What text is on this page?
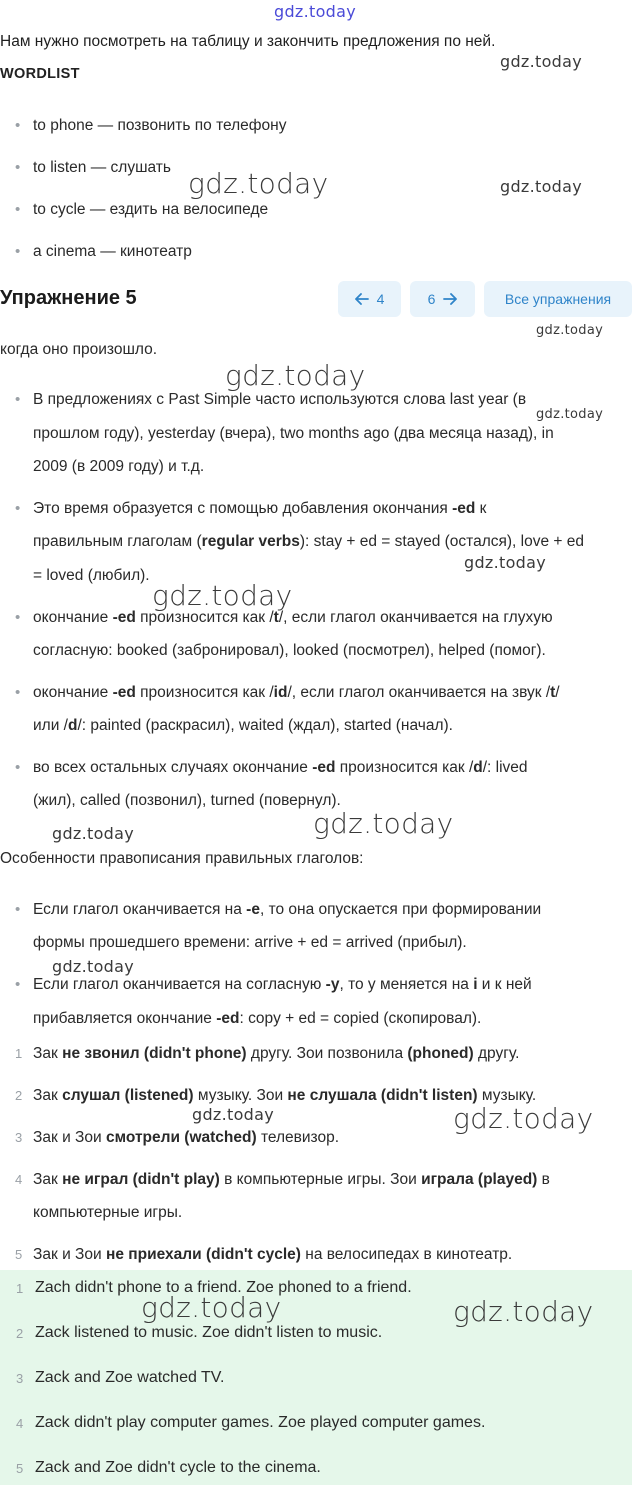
gdz.today
gdz.today
gdz.today	gdz.today
gdz.today
gdz.today
gdz.today
gdz.today
gdz.today
gdz.today
gdz.today
gdz.today
gdz.today	gdz.today
gdz.today	gdz.today
Нам нужно посмотреть на таблицу и закончить предложения по ней.
WORDLIST
• to phone — позвонить по телефону
• to listen — слушать
• to cycle — ездить на велосипеде
• a cinema — кинотеатр
Упражнение 5	4	6	Все упражнения
когда оно произошло.
• В предложениях с Past Simple часто используются слова last year (в
прошлом году), yesterday (вчера), two months ago (два месяца назад), in
2009 (в 2009 году) и т.д.
• Это время образуется с помощью добавления окончания -ed к
правильным глаголам (regular verbs): stay + ed = stayed (остался), love + ed
= loved (любил).
• окончание -ed произносится как /t/, если глагол оканчивается на глухую
согласную: booked (забронировал), looked (посмотрел), helped (помог).
• окончание -ed произносится как /id/, если глагол оканчивается на звук /t/
или /d/: painted (раскрасил), waited (ждал), started (начал).
• во всех остальных случаях окончание -ed произносится как /d/: lived
(жил), called (позвонил), turned (повернул).
Особенности правописания правильных глаголов:
• Если глагол оканчивается на -e, то она опускается при формировании
формы прошедшего времени: arrive + ed = arrived (прибыл).
• Если глагол оканчивается на согласную -y, то у меняется на i и к ней
прибавляется окончание -ed: copy + ed = copied (скопировал).
1 Зак не звонил (didn't phone) другу. Зои позвонила (phoned) другу.
2 Зак слушал (listened) музыку. Зои не слушала (didn't listen) музыку.
3 Зак и Зои смотрели (watched) телевизор.
4 Зак не играл (didn't play) в компьютерные игры. Зои играла (played) в
компьютерные игры.
5 Зак и Зои не приехали (didn't cycle) на велосипедах в кинотеатр.
1 Zach didn't phone to a friend. Zoe phoned to a friend.
2 Zack listened to music. Zoe didn't listen to music.
3 Zack and Zoe watched TV.
4 Zack didn't play computer games. Zoe played computer games.
5 Zack and Zoe didn't cycle to the cinema.
